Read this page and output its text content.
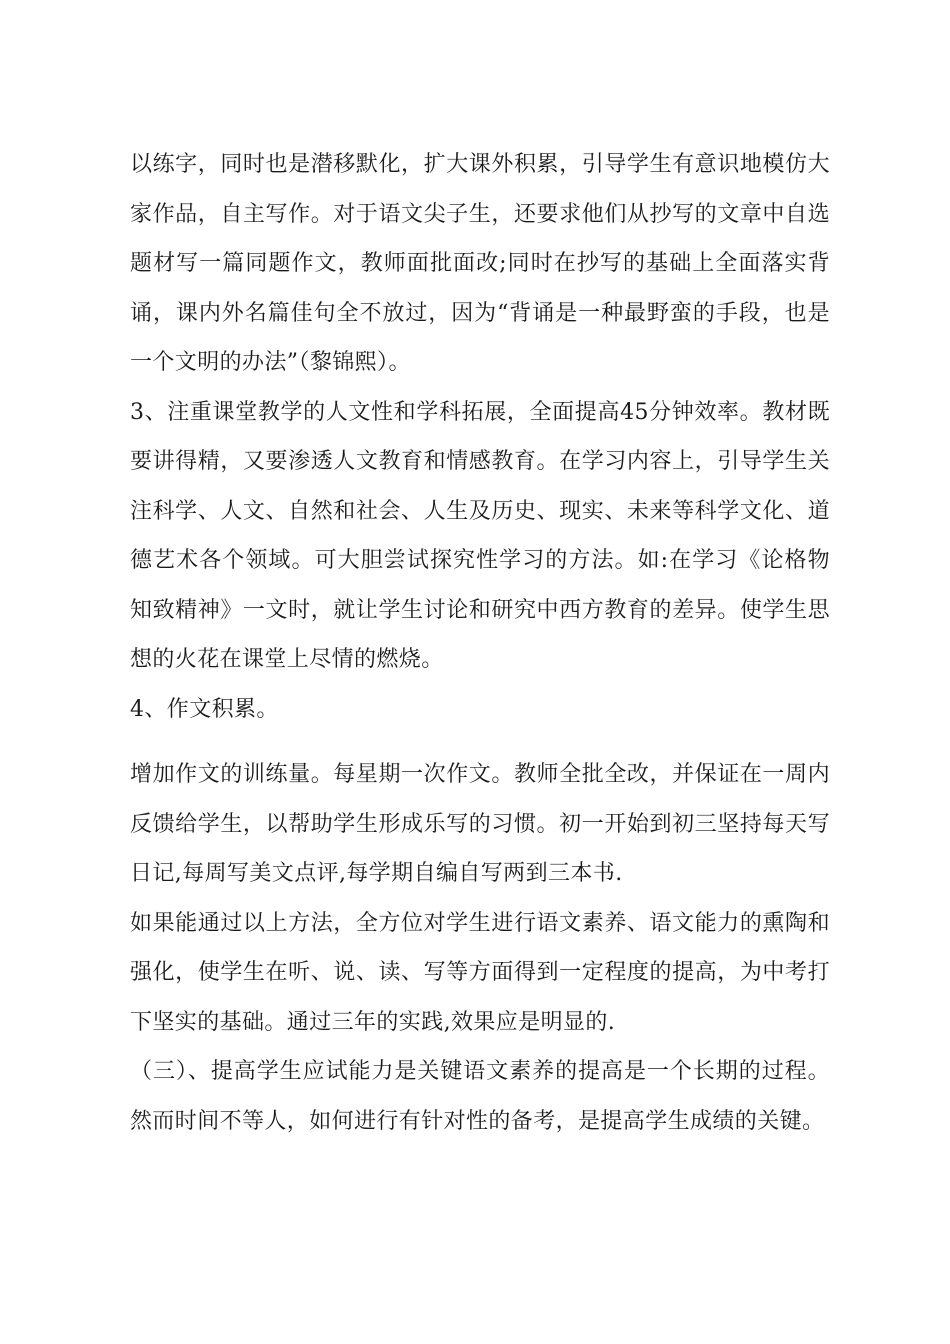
以练字，同时也是潜移默化，扩大课外积累，引导学生有意识地模仿大家作品，自主写作。对于语文尖子生，还要求他们从抄写的文章中自选题材写一篇同题作文，教师面批面改;同时在抄写的基础上全面落实背诵，课内外名篇佳句全不放过，因为“背诵是一种最野蛮的手段，也是一个文明的办法”（黎锦熙）。

3、注重课堂教学的人文性和学科拓展，全面提高45分钟效率。教材既要讲得精，又要渗透人文教育和情感教育。在学习内容上，引导学生关注科学、人文、自然和社会、人生及历史、现实、未来等科学文化、道德艺术各个领域。可大胆尝试探究性学习的方法。如:在学习《论格物知致精神》一文时，就让学生讨论和研究中西方教育的差异。使学生思想的火花在课堂上尽情的燃烧。

4、作文积累。

增加作文的训练量。每星期一次作文。教师全批全改，并保证在一周内反馈给学生，以帮助学生形成乐写的习惯。初一开始到初三坚持每天写日记,每周写美文点评,每学期自编自写两到三本书.

如果能通过以上方法，全方位对学生进行语文素养、语文能力的熏陶和强化，使学生在听、说、读、写等方面得到一定程度的提高，为中考打下坚实的基础。通过三年的实践,效果应是明显的.

（三）、提高学生应试能力是关键语文素养的提高是一个长期的过程。然而时间不等人，如何进行有针对性的备考，是提高学生成绩的关键。
